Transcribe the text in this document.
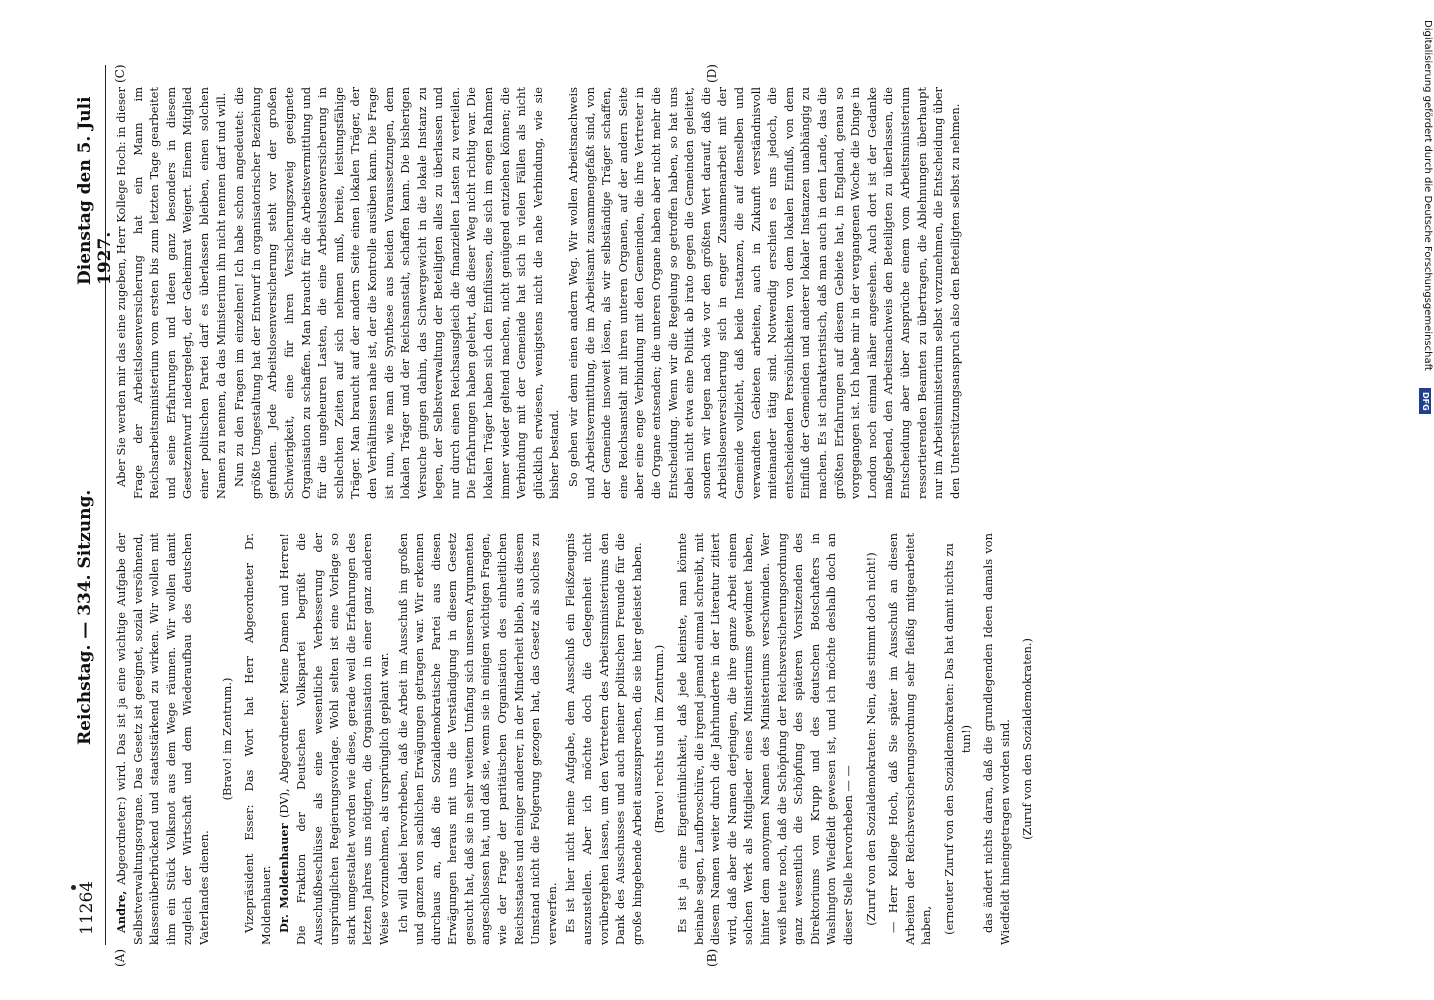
11264
Reichstag. — 334. Sitzung.
Dienstag den 5. Juli 1927.
(A)	(B)
(C)	(D)

Andre, Abgeordneter:) wird. Das ist ja eine wichtige Aufgabe der Selbstverwaltungsorgane. Das Gesetz ist geeignet, sozial versöhnend, klassenüberbrückend und staatsstärkend zu wirken. Wir wollen mit ihm ein Stück Volksnot aus dem Wege räumen. Wir wollen damit zugleich der Wirtschaft und dem Wiederaufbau des deutschen Vaterlandes dienen.

(Bravo! im Zentrum.) Vizepräsident Esser: Das Wort hat Herr Abgeordneter Dr. Moldenhauer. Dr. Moldenhauer (DV), Abgeordneter: Meine Damen und Herren! Die Fraktion der Deutschen Volkspartei begrüßt die Ausschußbeschlüsse als eine wesentliche Verbesserung der ursprünglichen Regierungsvorlage. Wohl selten ist eine Vorlage so stark umgestaltet worden wie diese, gerade weil die Erfahrungen des letzten Jahres uns nötigten, die Organisation in einer ganz anderen Weise vorzunehmen, als ursprünglich geplant war. Ich will dabei hervorheben, daß die Arbeit im Ausschuß im großen und ganzen von sachlichen Erwägungen getragen war. Wir erkennen durchaus an, daß die Sozialdemokratische Partei aus diesen Erwägungen heraus mit uns die Verständigung in diesem Gesetz gesucht hat, daß sie in sehr weitem Umfang sich unseren Argumenten angeschlossen hat, und daß sie, wenn sie in einigen wichtigen Fragen, wie der Frage der paritätischen Organisation des einheitlichen Reichsstaates und einiger anderer, in der Minderheit blieb, aus diesem Umstand nicht die Folgerung gezogen hat, das Gesetz als solches zu verwerfen. Es ist hier nicht meine Aufgabe, dem Ausschuß ein Fleißzeugnis auszustellen. Aber ich möchte doch die Gelegenheit nicht vorübergehen lassen, um den Vertretern des Arbeitsministeriums den Dank des Ausschusses und auch meiner politischen Freunde für die große hingebende Arbeit auszusprechen, die sie hier geleistet haben. (Bravo! rechts und im Zentrum.) Es ist ja eine Eigentümlichkeit, daß jede kleinste, man könnte beinahe sagen, Laufbroschüre, die irgend jemand einmal schreibt, mit diesem Namen weiter durch die Jahrhunderte in der Literatur zitiert wird, daß aber die Namen derjenigen, die ihre ganze Arbeit einem solchen Werk als Mitglieder eines Ministeriums gewidmet haben, hinter dem anonymen Namen des Ministeriums verschwinden. Wer weiß heute noch, daß die Schöpfung der Reichsversicherungsordnung ganz wesentlich die Schöpfung des späteren Vorsitzenden des Direktoriums von Krupp und des deutschen Botschafters in Washington Wiedfeldt gewesen ist, und ich möchte deshalb doch an dieser Stelle hervorheben — — (Zuruf von den Sozialdemokraten: Nein, das stimmt doch nicht!) — Herr Kollege Hoch, daß Sie später im Ausschuß an diesen Arbeiten der Reichsversicherungsordnung sehr fleißig mitgearbeitet haben, (erneuter Zuruf von den Sozialdemokraten: Das hat damit nichts zu tun!) das ändert nichts daran, daß die grundlegenden Ideen damals von Wiedfeldt hineingetragen worden sind. (Zuruf von den Sozialdemokraten.)

Aber Sie werden mir das eine zugeben, Herr Kollege Hoch: in dieser Frage der Arbeitslosenversicherung hat ein Mann im Reichsarbeitsministerium vom ersten bis zum letzten Tage gearbeitet und seine Erfahrungen und Ideen ganz besonders in diesem Gesetzentwurf niedergelegt, der Geheimrat Weigert. Einem Mitglied einer politischen Partei darf es überlassen bleiben, einen solchen Namen zu nennen, da das Ministerium ihn nicht nennen darf und will. Nun zu den Fragen im einzelnen! Ich habe schon angedeutet: die größte Umgestaltung hat der Entwurf in organisatorischer Beziehung gefunden. Jede Arbeitslosenversicherung steht vor der großen Schwierigkeit, eine für ihren Versicherungszweig geeignete Organisation zu schaffen. Man braucht für die Arbeitsvermittlung und für die ungeheuren Lasten, die eine Arbeitslosenversicherung in schlechten Zeiten auf sich nehmen muß, breite, leistungsfähige Träger. Man braucht auf der andern Seite einen lokalen Träger, der den Verhältnissen nahe ist, der die Kontrolle ausüben kann. Die Frage ist nun, wie man die Synthese aus beiden Voraussetzungen, dem lokalen Träger und der Reichsanstalt, schaffen kann. Die bisherigen Versuche gingen dahin, das Schwergewicht in die lokale Instanz zu legen, der Selbstverwaltung der Beteiligten alles zu überlassen und nur durch einen Reichsausgleich die finanziellen Lasten zu verteilen. Die Erfahrungen haben gelehrt, daß dieser Weg nicht richtig war. Die lokalen Träger haben sich den Einflüssen, die sich im engen Rahmen immer wieder geltend machen, nicht genügend entziehen können; die Verbindung mit der Gemeinde hat sich in vielen Fällen als nicht glücklich erwiesen, wenigstens nicht die nahe Verbindung, wie sie bisher bestand. So gehen wir denn einen andern Weg. Wir wollen Arbeitsnachweis und Arbeitsvermittlung, die im Arbeitsamt zusammengefaßt sind, von der Gemeinde insoweit lösen, als wir selbständige Träger schaffen, eine Reichsanstalt mit ihren unteren Organen, auf der andern Seite aber eine enge Verbindung mit den Gemeinden, die ihre Vertreter in die Organe entsenden; die unteren Organe haben aber nicht mehr die Entscheidung. Wenn wir die Regelung so getroffen haben, so hat uns dabei nicht etwa eine Politik ab irato gegen die Gemeinden geleitet, sondern wir legen nach wie vor den größten Wert darauf, daß die Arbeitslosenversicherung sich in enger Zusammenarbeit mit der Gemeinde vollzieht, daß beide Instanzen, die auf denselben und verwandten Gebieten arbeiten, auch in Zukunft verständnisvoll miteinander tätig sind. Notwendig erschien es uns jedoch, die entscheidenden Persönlichkeiten von dem lokalen Einfluß, von dem Einfluß der Gemeinden und anderer lokaler Instanzen unabhängig zu machen. Es ist charakteristisch, daß man auch in dem Lande, das die größten Erfahrungen auf diesem Gebiete hat, in England, genau so vorgegangen ist. Ich habe mir in der vergangenen Woche die Dinge in London noch einmal näher angesehen. Auch dort ist der Gedanke maßgebend, den Arbeitsnachweis den Beteiligten zu überlassen, die Entscheidung aber über Ansprüche einem vom Arbeitsministerium ressortierenden Beamten zu übertragen, die Ablehnungen überhaupt nur im Arbeitsministerium selbst vorzunehmen, die Entscheidung über den Unterstützungsanspruch also den Beteiligten selbst zu nehmen.	Digitalisierung gefördert durch die Deutsche Forschungsgemeinschaft
DFG
